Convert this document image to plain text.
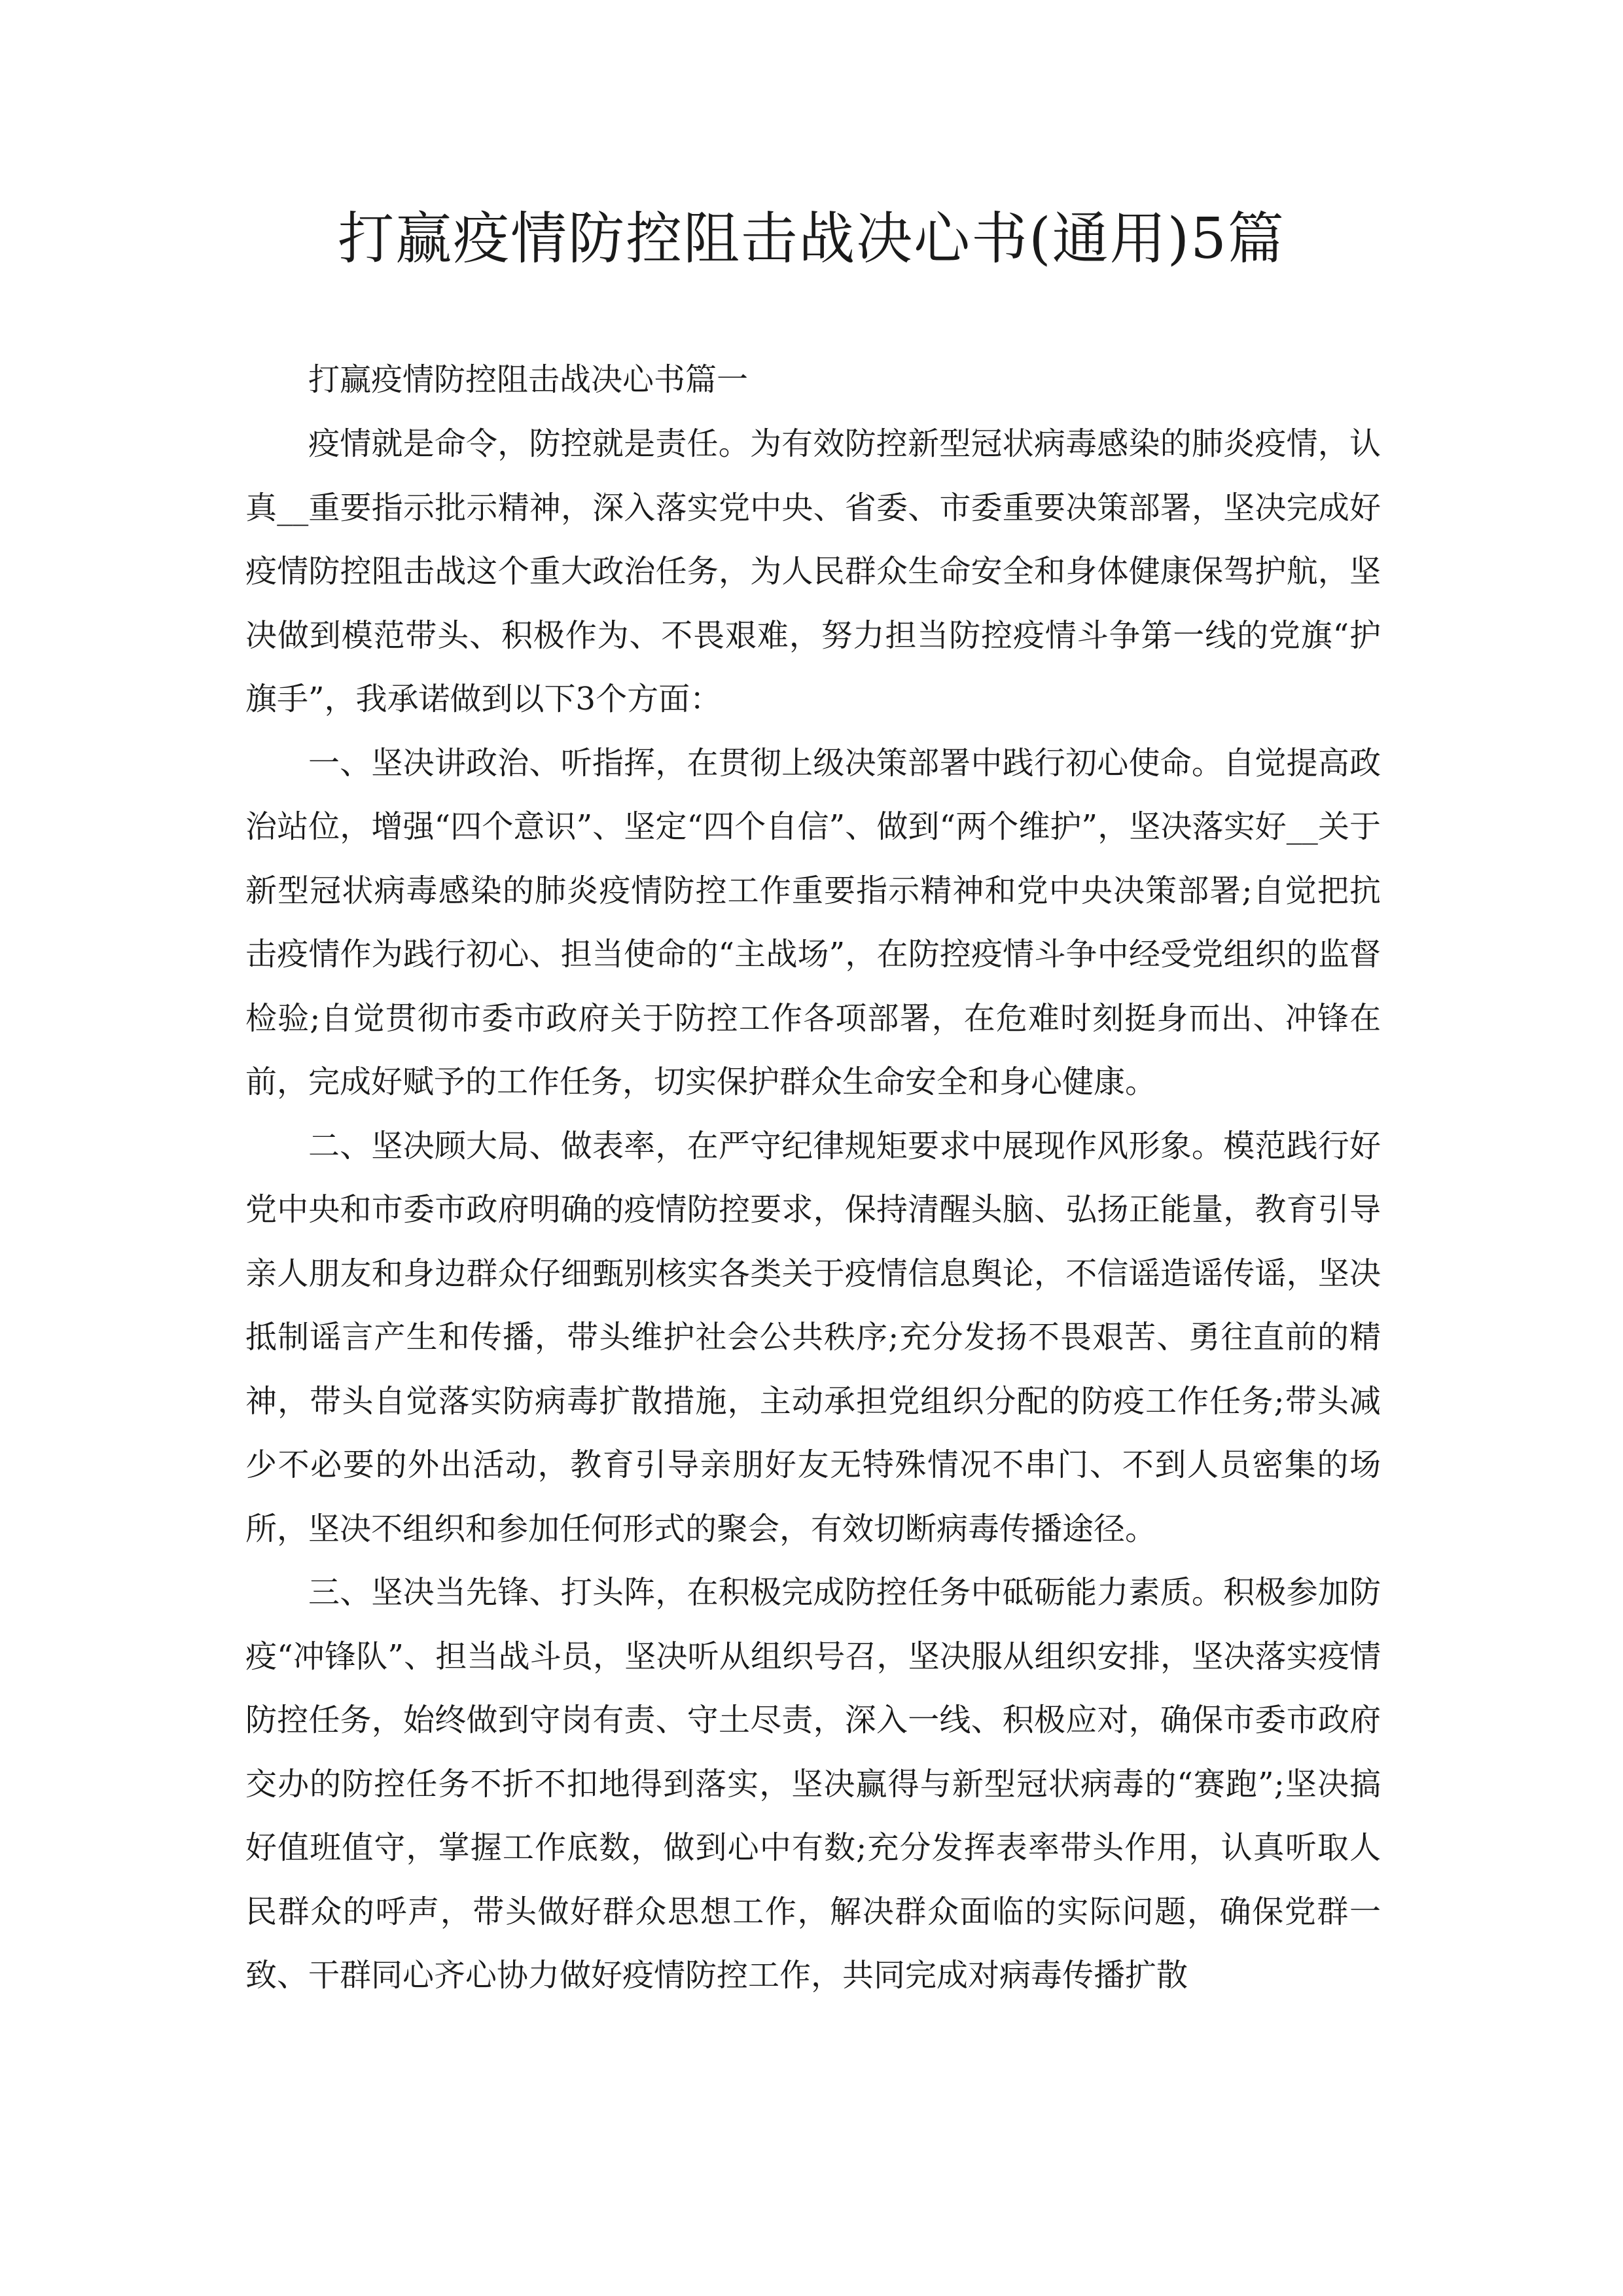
打赢疫情防控阻击战决心书(通用)5篇

打赢疫情防控阻击战决心书篇一

疫情就是命令，防控就是责任。为有效防控新型冠状病毒感染的肺炎疫情，认真__重要指示批示精神，深入落实党中央、省委、市委重要决策部署，坚决完成好疫情防控阻击战这个重大政治任务，为人民群众生命安全和身体健康保驾护航，坚决做到模范带头、积极作为、不畏艰难，努力担当防控疫情斗争第一线的党旗“护旗手”，我承诺做到以下3个方面：

一、坚决讲政治、听指挥，在贯彻上级决策部署中践行初心使命。自觉提高政治站位，增强“四个意识”、坚定“四个自信”、做到“两个维护”，坚决落实好__关于新型冠状病毒感染的肺炎疫情防控工作重要指示精神和党中央决策部署;自觉把抗击疫情作为践行初心、担当使命的“主战场”，在防控疫情斗争中经受党组织的监督检验;自觉贯彻市委市政府关于防控工作各项部署，在危难时刻挺身而出、冲锋在前，完成好赋予的工作任务，切实保护群众生命安全和身心健康。

二、坚决顾大局、做表率，在严守纪律规矩要求中展现作风形象。模范践行好党中央和市委市政府明确的疫情防控要求，保持清醒头脑、弘扬正能量，教育引导亲人朋友和身边群众仔细甄别核实各类关于疫情信息舆论，不信谣造谣传谣，坚决抵制谣言产生和传播，带头维护社会公共秩序;充分发扬不畏艰苦、勇往直前的精神，带头自觉落实防病毒扩散措施，主动承担党组织分配的防疫工作任务;带头减少不必要的外出活动，教育引导亲朋好友无特殊情况不串门、不到人员密集的场所，坚决不组织和参加任何形式的聚会，有效切断病毒传播途径。

三、坚决当先锋、打头阵，在积极完成防控任务中砥砺能力素质。积极参加防疫“冲锋队”、担当战斗员，坚决听从组织号召，坚决服从组织安排，坚决落实疫情防控任务，始终做到守岗有责、守土尽责，深入一线、积极应对，确保市委市政府交办的防控任务不折不扣地得到落实，坚决赢得与新型冠状病毒的“赛跑”;坚决搞好值班值守，掌握工作底数，做到心中有数;充分发挥表率带头作用，认真听取人民群众的呼声，带头做好群众思想工作，解决群众面临的实际问题，确保党群一致、干群同心齐心协力做好疫情防控工作，共同完成对病毒传播扩散
